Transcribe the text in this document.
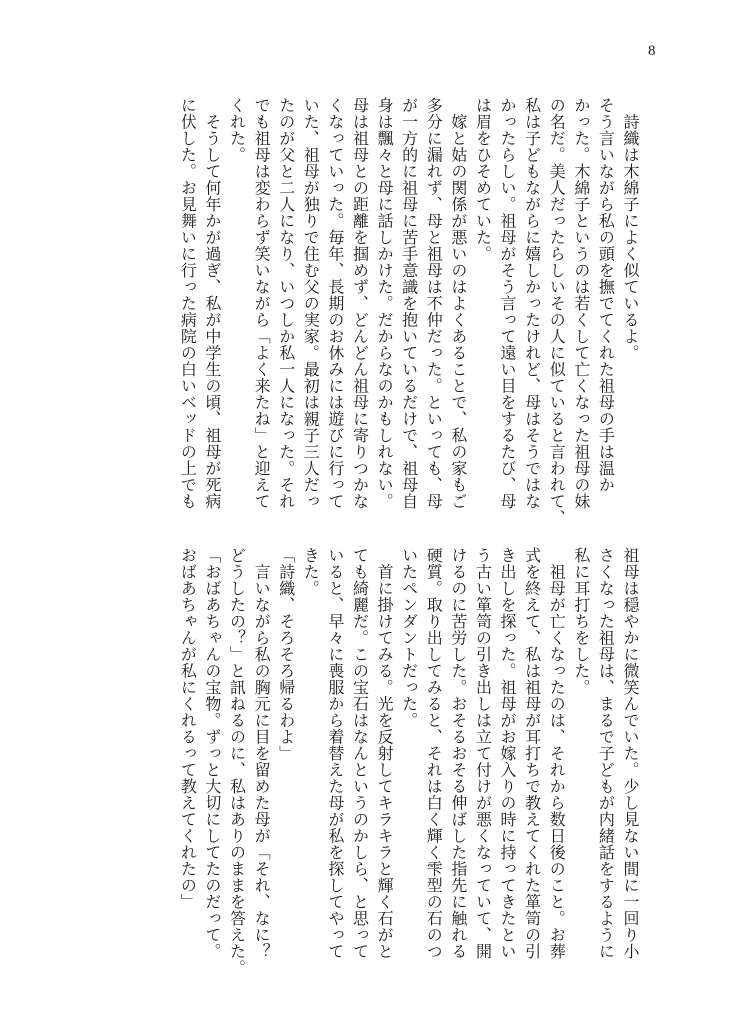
8
　詩織は木綿子によく似ているよ。
そう言いながら私の頭を撫でてくれた祖母の手は温か
かった。木綿子というのは若くして亡くなった祖母の妹
の名だ。美人だったらしいその人に似ていると言われて、
私は子どもながらに嬉しかったけれど、母はそうではな
かったらしい。祖母がそう言って遠い目をするたび、母
は眉をひそめていた。
　嫁と姑の関係が悪いのはよくあることで、私の家もご
多分に漏れず、母と祖母は不仲だった。といっても、母
が一方的に祖母に苦手意識を抱いているだけで、祖母自
身は飄々と母に話しかけた。だからなのかもしれない。
母は祖母との距離を掴めず、どんどん祖母に寄りつかな
くなっていった。毎年、長期のお休みには遊びに行って
いた、祖母が独りで住む父の実家。最初は親子三人だっ
たのが父と二人になり、いつしか私一人になった。それ
でも祖母は変わらず笑いながら「よく来たね」と迎えて
くれた。
　そうして何年かが過ぎ、私が中学生の頃、祖母が死病
に伏した。お見舞いに行った病院の白いベッドの上でも
祖母は穏やかに微笑んでいた。少し見ない間に一回り小
さくなった祖母は、まるで子どもが内緒話をするように
私に耳打ちをした。
　祖母が亡くなったのは、それから数日後のこと。お葬
式を終えて、私は祖母が耳打ちで教えてくれた箪笥の引
き出しを探った。祖母がお嫁入りの時に持ってきたとい
う古い箪笥の引き出しは立て付けが悪くなっていて、開
けるのに苦労した。おそるおそる伸ばした指先に触れる
硬質。取り出してみると、それは白く輝く雫型の石のつ
いたペンダントだった。
　首に掛けてみる。光を反射してキラキラと輝く石がと
ても綺麗だ。この宝石はなんというのかしら、と思って
いると、早々に喪服から着替えた母が私を探してやって
きた。
「詩織、そろそろ帰るわよ」
　言いながら私の胸元に目を留めた母が「それ、なに？
どうしたの？」と訊ねるのに、私はありのままを答えた。
「おばあちゃんの宝物。ずっと大切にしてたのだって。
おばあちゃんが私にくれるって教えてくれたの」
